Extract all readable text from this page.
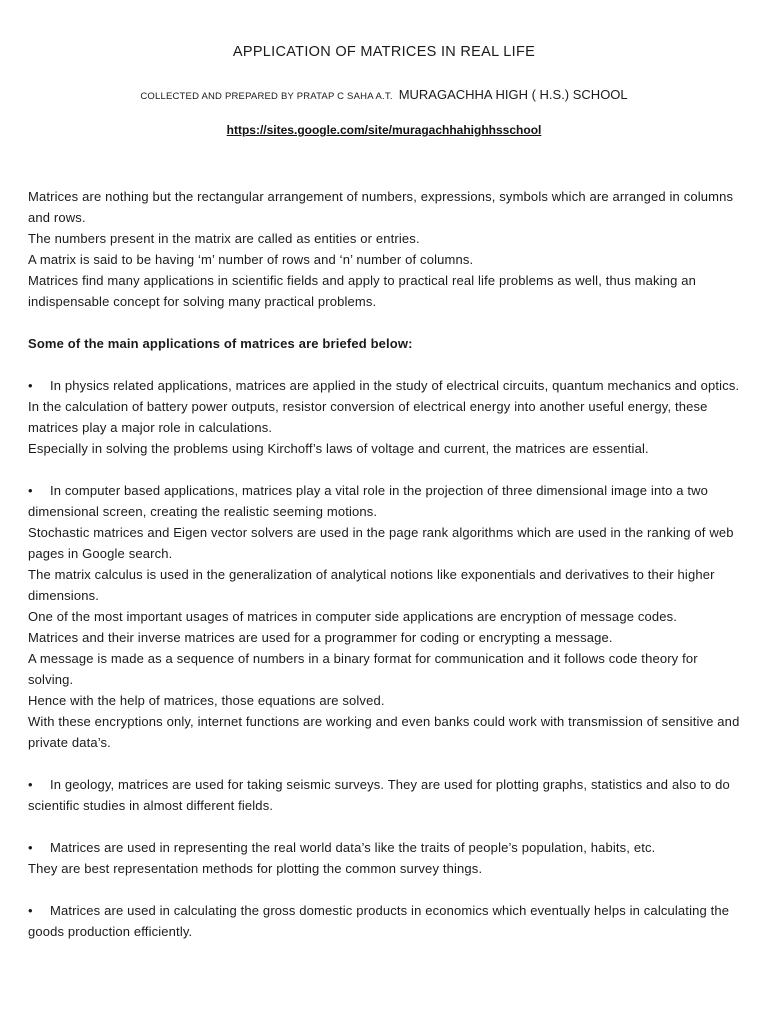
APPLICATION OF MATRICES IN REAL LIFE
COLLECTED AND PREPARED BY PRATAP C SAHA A.T. MURAGACHHA HIGH ( H.S.) SCHOOL
https://sites.google.com/site/muragachhahighhsschool

Matrices are nothing but the rectangular arrangement of numbers, expressions, symbols which are arranged in columns and rows.

The numbers present in the matrix are called as entities or entries.

A matrix is said to be having ‘m’ number of rows and ‘n’ number of columns.

Matrices find many applications in scientific fields and apply to practical real life problems as well, thus making an indispensable concept for solving many practical problems.

Some of the main applications of matrices are briefed below:

• In physics related applications, matrices are applied in the study of electrical circuits, quantum mechanics and optics.

In the calculation of battery power outputs, resistor conversion of electrical energy into another useful energy, these matrices play a major role in calculations.

Especially in solving the problems using Kirchoff’s laws of voltage and current, the matrices are essential.

• In computer based applications, matrices play a vital role in the projection of three dimensional image into a two dimensional screen, creating the realistic seeming motions.

Stochastic matrices and Eigen vector solvers are used in the page rank algorithms which are used in the ranking of web pages in Google search.

The matrix calculus is used in the generalization of analytical notions like exponentials and derivatives to their higher dimensions.

One of the most important usages of matrices in computer side applications are encryption of message codes.

Matrices and their inverse matrices are used for a programmer for coding or encrypting a message.

A message is made as a sequence of numbers in a binary format for communication and it follows code theory for solving.

Hence with the help of matrices, those equations are solved.

With these encryptions only, internet functions are working and even banks could work with transmission of sensitive and private data’s.

• In geology, matrices are used for taking seismic surveys. They are used for plotting graphs, statistics and also to do scientific studies in almost different fields.

• Matrices are used in representing the real world data’s like the traits of people’s population, habits, etc.

They are best representation methods for plotting the common survey things.

• Matrices are used in calculating the gross domestic products in economics which eventually helps in calculating the goods production efficiently.
